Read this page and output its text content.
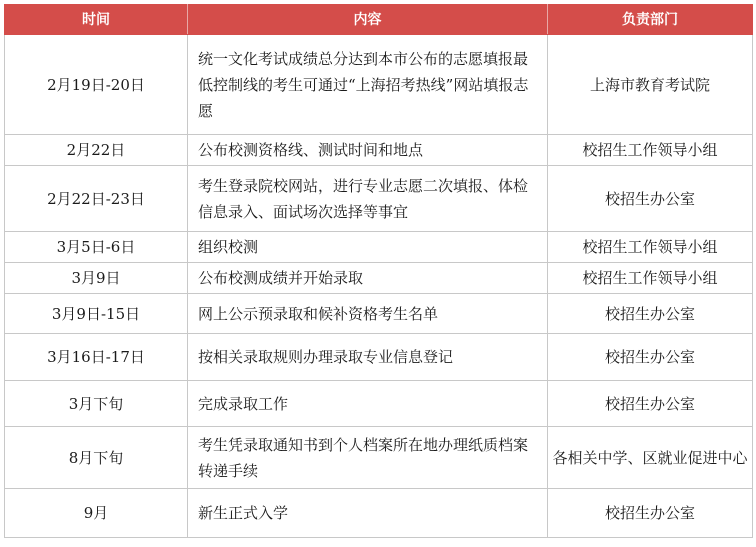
时间	内容	负责部门
2月19日-20日	统一文化考试成绩总分达到本市公布的志愿填报最低控制线的考生可通过“上海招考热线”网站填报志愿	上海市教育考试院
2月22日	公布校测资格线、测试时间和地点	校招生工作领导小组
2月22日-23日	考生登录院校网站，进行专业志愿二次填报、体检信息录入、面试场次选择等事宜	校招生办公室
3月5日-6日	组织校测	校招生工作领导小组
3月9日	公布校测成绩并开始录取	校招生工作领导小组
3月9日-15日	网上公示预录取和候补资格考生名单	校招生办公室
3月16日-17日	按相关录取规则办理录取专业信息登记	校招生办公室
3月下旬	完成录取工作	校招生办公室
8月下旬	考生凭录取通知书到个人档案所在地办理纸质档案转递手续	各相关中学、区就业促进中心
9月	新生正式入学	校招生办公室
